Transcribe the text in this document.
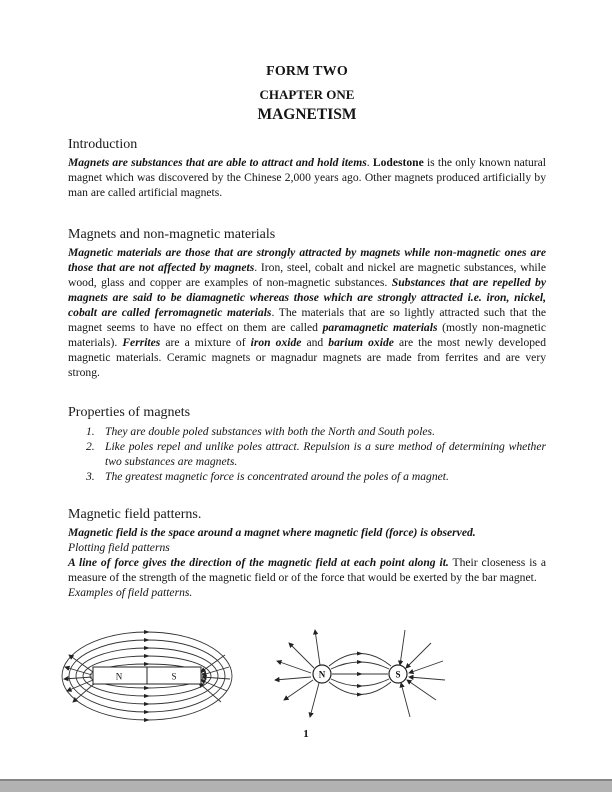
FORM TWO
CHAPTER ONE
MAGNETISM
Introduction

Magnets are substances that are able to attract and hold items. Lodestone is the only known natural magnet which was discovered by the Chinese 2,000 years ago. Other magnets produced artificially by man are called artificial magnets.

Magnets and non-magnetic materials

Magnetic materials are those that are strongly attracted by magnets while non-magnetic ones are those that are not affected by magnets. Iron, steel, cobalt and nickel are magnetic substances, while wood, glass and copper are examples of non-magnetic substances. Substances that are repelled by magnets are said to be diamagnetic whereas those which are strongly attracted i.e. iron, nickel, cobalt are called ferromagnetic materials. The materials that are so lightly attracted such that the magnet seems to have no effect on them are called paramagnetic materials (mostly non-magnetic materials). Ferrites are a mixture of iron oxide and barium oxide are the most newly developed magnetic materials. Ceramic magnets or magnadur magnets are made from ferrites and are very strong.

Properties of magnets
1. They are double poled substances with both the North and South poles.
2. Like poles repel and unlike poles attract. Repulsion is a sure method of determining whether two substances are magnets.
3. The greatest magnetic force is concentrated around the poles of a magnet.
Magnetic field patterns.
Magnetic field is the space around a magnet where magnetic field (force) is observed.
Plotting field patterns

A line of force gives the direction of the magnetic field at each point along it. Their closeness is a measure of the strength of the magnetic field or of the force that would be exerted by the bar magnet.

Examples of field patterns.
N	S	N	S
1
